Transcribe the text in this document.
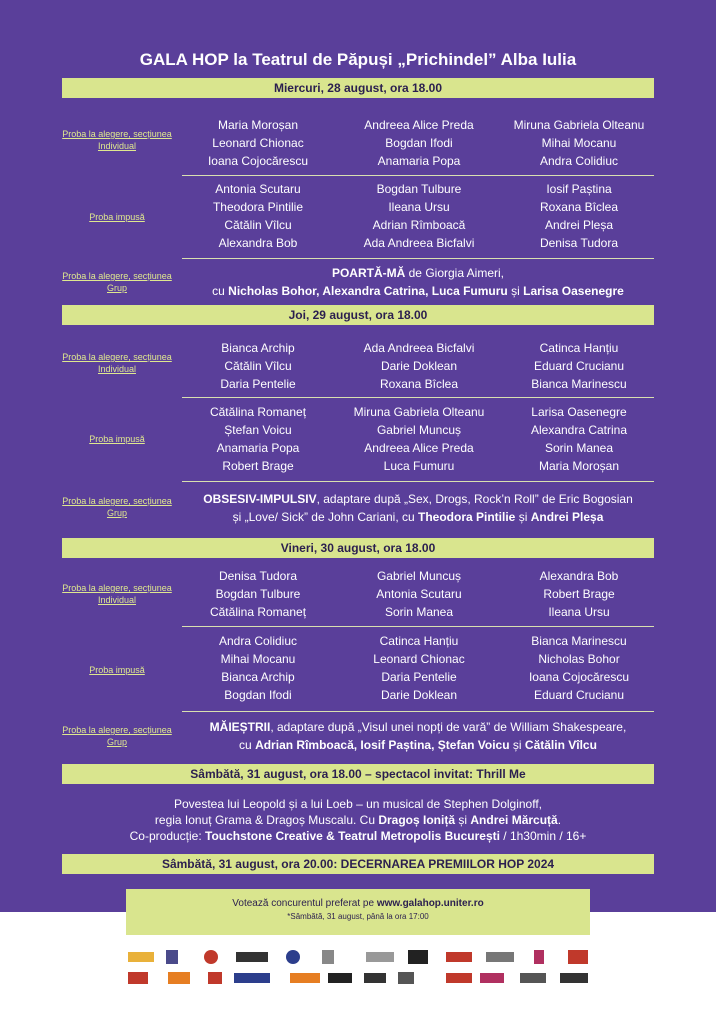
GALA HOP la Teatrul de Păpuși „Prichindel” Alba Iulia
Miercuri, 28 august, ora 18.00
Proba la alegere, secțiunea Individual
Maria Moroșan	Andreea Alice Preda	Miruna Gabriela Olteanu
Leonard Chionac	Bogdan Ifodi	Mihai Mocanu
Ioana Cojocărescu	Anamaria Popa	Andra Colidiuc
Proba impusă
Antonia Scutaru	Bogdan Tulbure	Iosif Paștina
Theodora Pintilie	Ileana Ursu	Roxana Bîclea
Cătălin Vîlcu	Adrian Rîmboacă	Andrei Pleșa
Alexandra Bob	Ada Andreea Bicfalvi	Denisa Tudora
Proba la alegere, secțiunea Grup
POARTĂ-MĂ de Giorgia Aimeri,
cu Nicholas Bohor, Alexandra Catrina, Luca Fumuru și Larisa Oasenegre
Joi, 29 august, ora 18.00
Proba la alegere, secțiunea Individual
Bianca Archip	Ada Andreea Bicfalvi	Catinca Hanțiu
Cătălin Vîlcu	Darie Doklean	Eduard Crucianu
Daria Pentelie	Roxana Bîclea	Bianca Marinescu
Proba impusă
Cătălina Romaneț	Miruna Gabriela Olteanu	Larisa Oasenegre
Ștefan Voicu	Gabriel Muncuș	Alexandra Catrina
Anamaria Popa	Andreea Alice Preda	Sorin Manea
Robert Brage	Luca Fumuru	Maria Moroșan
Proba la alegere, secțiunea Grup
OBSESIV-IMPULSIV, adaptare după „Sex, Drogs, Rock’n Roll” de Eric Bogosian
și „Love/ Sick” de John Cariani, cu Theodora Pintilie și Andrei Pleșa
Vineri, 30 august, ora 18.00
Proba la alegere, secțiunea Individual
Denisa Tudora	Gabriel Muncuș	Alexandra Bob
Bogdan Tulbure	Antonia Scutaru	Robert Brage
Cătălina Romaneț	Sorin Manea	Ileana Ursu
Proba impusă
Andra Colidiuc	Catinca Hanțiu	Bianca Marinescu
Mihai Mocanu	Leonard Chionac	Nicholas Bohor
Bianca Archip	Daria Pentelie	Ioana Cojocărescu
Bogdan Ifodi	Darie Doklean	Eduard Crucianu
Proba la alegere, secțiunea Grup
MĂIEȘTRII, adaptare după „Visul unei nopți de vară” de William Shakespeare,
cu Adrian Rîmboacă, Iosif Paștina, Ștefan Voicu și Cătălin Vîlcu
Sâmbătă, 31 august, ora 18.00 – spectacol invitat: Thrill Me
Povestea lui Leopold și a lui Loeb – un musical de Stephen Dolginoff,
regia Ionuț Grama & Dragoș Muscalu. Cu Dragoș Ioniță și Andrei Mărcuță.
Co-producție: Touchstone Creative & Teatrul Metropolis București / 1h30min / 16+
Sâmbătă, 31 august, ora 20.00: DECERNAREA PREMIILOR HOP 2024
Votează concurentul preferat pe www.galahop.uniter.ro
*Sâmbătă, 31 august, până la ora 17:00
